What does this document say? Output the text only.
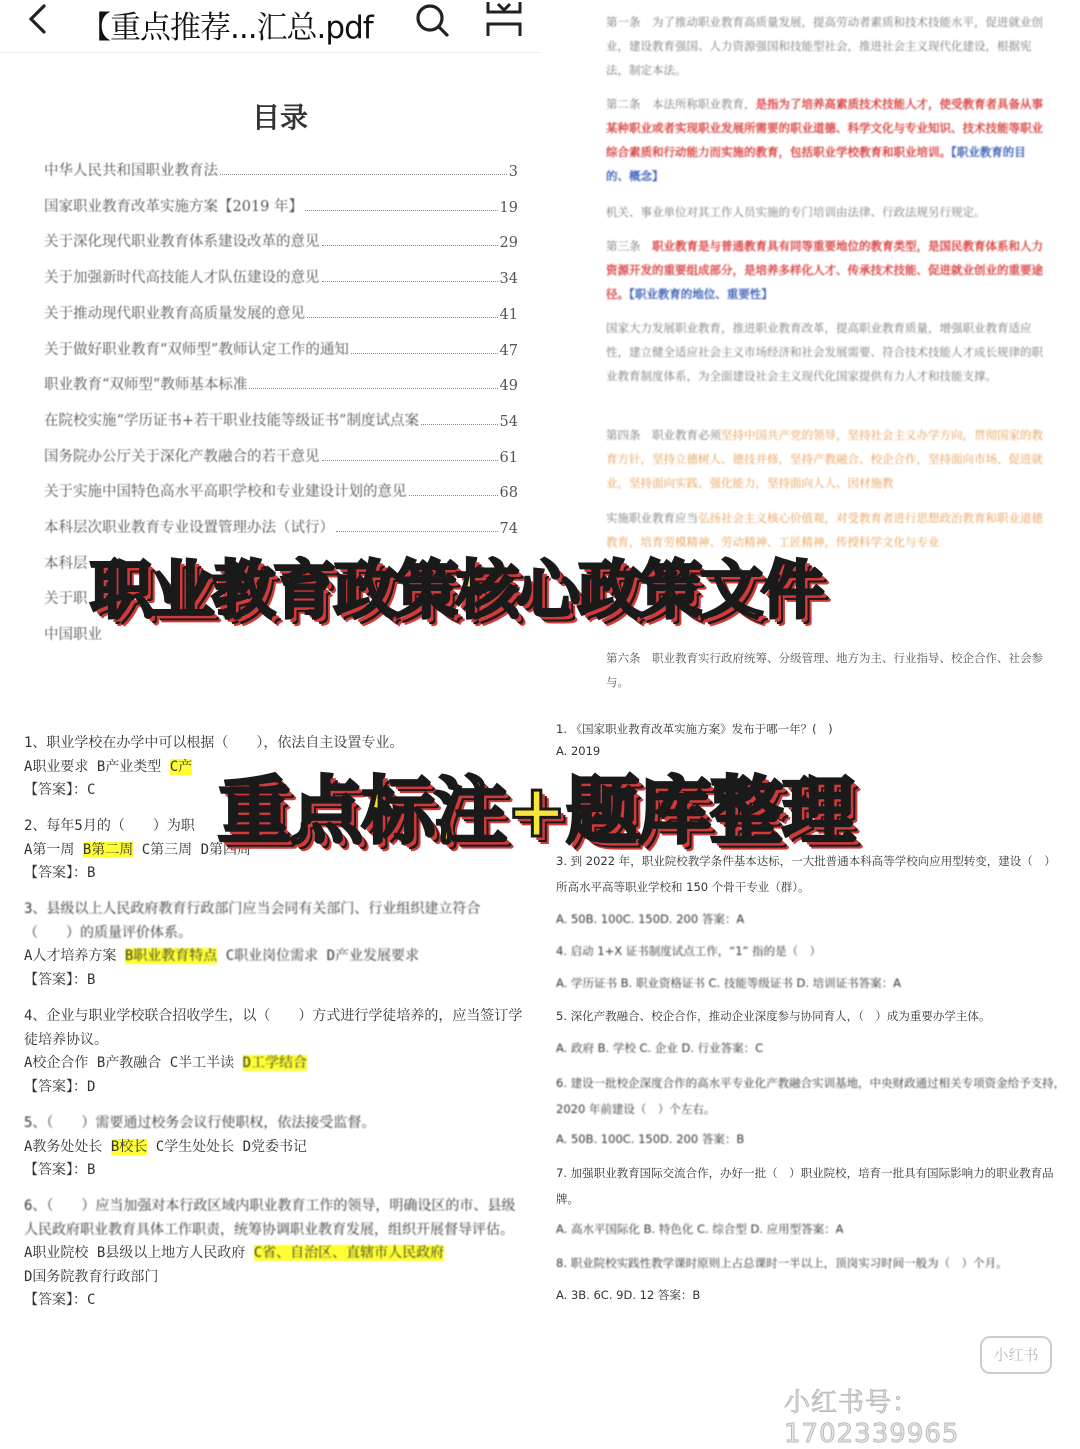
【重点推荐...汇总.pdf
目录
中华人民共和国职业教育法	3
国家职业教育改革实施方案【2019 年】	19
关于深化现代职业教育体系建设改革的意见	29
关于加强新时代高技能人才队伍建设的意见	34
关于推动现代职业教育高质量发展的意见	41
关于做好职业教育“双师型”教师认定工作的通知	47
职业教育“双师型”教师基本标准	49
在院校实施“学历证书+若干职业技能等级证书”制度试点案	54
国务院办公厅关于深化产教融合的若干意见	61
关于实施中国特色高水平高职学校和专业建设计划的意见	68
本科层次职业教育专业设置管理办法（试行）	74
本科层
关于职
中国职业
第一条　为了推动职业教育高质量发展，提高劳动者素质和技术技能水平，促进就业创业，建设教育强国、人力资源强国和技能型社会，推进社会主义现代化建设，根据宪法，制定本法。
第二条　本法所称职业教育，是指为了培养高素质技术技能人才，使受教育者具备从事某种职业或者实现职业发展所需要的职业道德、科学文化与专业知识、技术技能等职业综合素质和行动能力而实施的教育，包括职业学校教育和职业培训。【职业教育的目的、概念】
机关、事业单位对其工作人员实施的专门培训由法律、行政法规另行规定。
第三条　职业教育是与普通教育具有同等重要地位的教育类型，是国民教育体系和人力资源开发的重要组成部分，是培养多样化人才、传承技术技能、促进就业创业的重要途径。【职业教育的地位、重要性】
国家大力发展职业教育，推进职业教育改革，提高职业教育质量，增强职业教育适应性，建立健全适应社会主义市场经济和社会发展需要、符合技术技能人才成长规律的职业教育制度体系，为全面建设社会主义现代化国家提供有力人才和技能支撑。
第四条　职业教育必须坚持中国共产党的领导，坚持社会主义办学方向，贯彻国家的教育方针，坚持立德树人、德技并修，坚持产教融合、校企合作，坚持面向市场、促进就业，坚持面向实践、强化能力，坚持面向人人、因材施教
实施职业教育应当弘扬社会主义核心价值观，对受教育者进行思想政治教育和职业道德教育，培育劳模精神、劳动精神、工匠精神，传授科学文化与专业
第六条　职业教育实行政府统筹、分级管理、地方为主、行业指导、校企合作、社会参与。
1、职业学校在办学中可以根据（　　），依法自主设置专业。
A职业要求 B产业类型 C产
【答案】：C
2、每年5月的（　　）为职
A第一周 B第二周 C第三周 D第四周
【答案】：B
3、县级以上人民政府教育行政部门应当会同有关部门、行业组织建立符合（　　）的质量评价体系。
A人才培养方案 B职业教育特点 C职业岗位需求 D产业发展要求
【答案】：B
4、企业与职业学校联合招收学生，以（　　）方式进行学徒培养的，应当签订学徒培养协议。
A校企合作 B产教融合 C半工半读 D工学结合
【答案】：D
5、（　　）需要通过校务会议行使职权，依法接受监督。
A教务处处长 B校长 C学生处处长 D党委书记
【答案】：B
6、（　　）应当加强对本行政区域内职业教育工作的领导，明确设区的市、县级人民政府职业教育具体工作职责，统筹协调职业教育发展，组织开展督导评估。
A职业院校 B县级以上地方人民政府 C省、自治区、直辖市人民政府
D国务院教育行政部门
【答案】：C
1. 《国家职业教育改革实施方案》发布于哪一年？(　)
A. 2019
3. 到 2022 年，职业院校教学条件基本达标，一大批普通本科高等学校向应用型转变，建设（　）所高水平高等职业学校和 150 个骨干专业（群）。
A. 50B. 100C. 150D. 200 答案：A
4. 启动 1+X 证书制度试点工作，“1” 指的是（　）
A. 学历证书 B. 职业资格证书 C. 技能等级证书 D. 培训证书答案：A
5. 深化产教融合、校企合作，推动企业深度参与协同育人，（　）成为重要办学主体。
A. 政府 B. 学校 C. 企业 D. 行业答案：C
6. 建设一批校企深度合作的高水平专业化产教融合实训基地，中央财政通过相关专项资金给予支持，2020 年前建设（　）个左右。
A. 50B. 100C. 150D. 200 答案：B
7. 加强职业教育国际交流合作，办好一批（　）职业院校，培育一批具有国际影响力的职业教育品牌。
A. 高水平国际化 B. 特色化 C. 综合型 D. 应用型答案：A
8. 职业院校实践性教学课时原则上占总课时一半以上，顶岗实习时间一般为（　）个月。
A. 3B. 6C. 9D. 12 答案：B
职业教育政策核心政策文件
重点标注+题库整理
小红书
小红书号：1702339965
